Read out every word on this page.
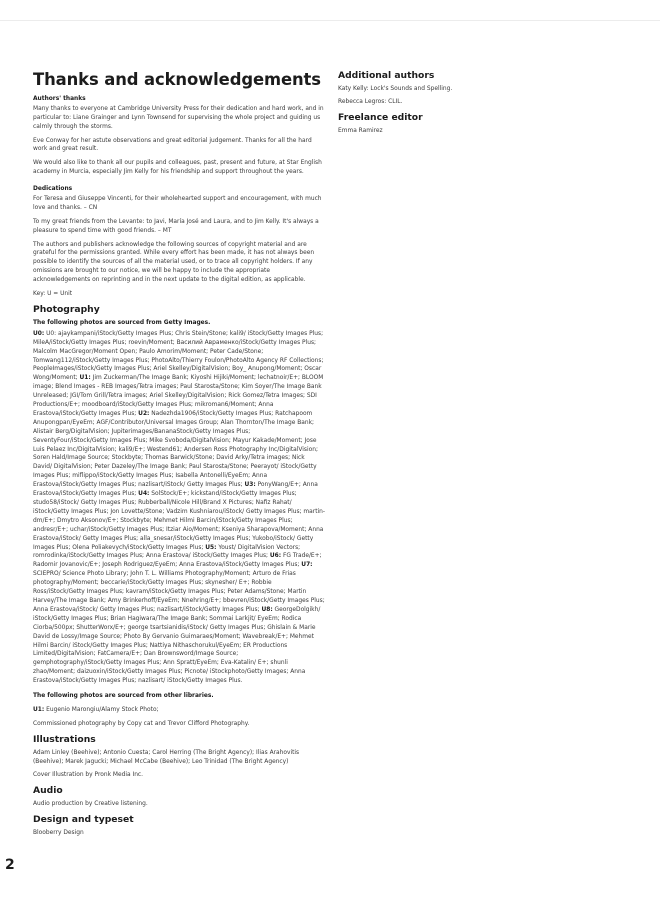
Thanks and acknowledgements
Authors' thanks

Many thanks to everyone at Cambridge University Press for their dedication and hard work, and in particular to: Liane Grainger and Lynn Townsend for supervising the whole project and guiding us calmly through the storms.

Eve Conway for her astute observations and great editorial judgement. Thanks for all the hard work and great result.

We would also like to thank all our pupils and colleagues, past, present and future, at Star English academy in Murcia, especially Jim Kelly for his friendship and support throughout the years.

Dedications

For Teresa and Giuseppe Vincenti, for their wholehearted support and encouragement, with much love and thanks. – CN

To my great friends from the Levante: to Javi, María José and Laura, and to Jim Kelly. It's always a pleasure to spend time with good friends. – MT

The authors and publishers acknowledge the following sources of copyright material and are grateful for the permissions granted. While every effort has been made, it has not always been possible to identify the sources of all the material used, or to trace all copyright holders. If any omissions are brought to our notice, we will be happy to include the appropriate acknowledgements on reprinting and in the next update to the digital edition, as applicable.

Key: U = Unit

Photography
The following photos are sourced from Getty Images.

U0: U0: ajaykampani/iStock/Getty Images Plus; Chris Stein/Stone; kali9/ iStock/Getty Images Plus; MileA/iStock/Getty Images Plus; roevin/Moment; Василий Авраменко/iStock/Getty Images Plus; Malcolm MacGregor/Moment Open; Paulo Amorim/Moment; Peter Cade/Stone; Tomwang112/iStock/Getty Images Plus; PhotoAlto/Thierry Foulon/PhotoAlto Agency RF Collections; PeopleImages/iStock/Getty Images Plus; Ariel Skelley/DigitalVision; Boy_ Anupong/Moment; Oscar Wong/Moment; U1: Jim Zuckerman/The Image Bank; Kiyoshi Hijiki/Moment; lechatnoir/E+; BLOOM image; Blend Images - REB Images/Tetra images; Paul Starosta/Stone; Kim Soyer/The Image Bank Unreleased; JGI/Tom Grill/Tetra images; Ariel Skelley/DigitalVision; Rick Gomez/Tetra Images; SDI Productions/E+; moodboard/iStock/Getty Images Plus; mikroman6/Moment; Anna Erastova/iStock/Getty Images Plus; U2: Nadezhda1906/iStock/Getty Images Plus; Ratchapoom Anupongpan/EyeEm; AGF/Contributor/Universal Images Group; Alan Thornton/The Image Bank; Alistair Berg/DigitalVision; Jupiterimages/BananaStock/Getty Images Plus; SeventyFour/iStock/Getty Images Plus; Mike Svoboda/DigitalVision; Mayur Kakade/Moment; Jose Luis Pelaez Inc/DigitalVision; kali9/E+; Westend61; Andersen Ross Photography Inc/DigitalVision; Soren Hald/Image Source; Stockbyte; Thomas Barwick/Stone; David Arky/Tetra images; Nick David/ DigitalVision; Peter Dazeley/The Image Bank; Paul Starosta/Stone; Peerayot/ iStock/Getty Images Plus; miflippo/iStock/Getty Images Plus; Isabella Antonelli/EyeEm; Anna Erastova/iStock/Getty Images Plus; nazlisart/iStock/ Getty Images Plus; U3: PonyWang/E+; Anna Erastova/iStock/Getty Images Plus; U4: SolStock/E+; kickstand/iStock/Getty Images Plus; studo58/iStock/ Getty Images Plus; Rubberball/Nicole Hill/Brand X Pictures; Nafiz Rahat/ iStock/Getty Images Plus; Jon Lovette/Stone; Vadzim Kushniarou/iStock/ Getty Images Plus; martin-dm/E+; Dmytro Aksonov/E+; Stockbyte; Mehmet Hilmi Barcin/iStock/Getty Images Plus; andresr/E+; uchar/iStock/Getty Images Plus; Itziar Aio/Moment; Kseniya Sharapova/Moment; Anna Erastova/iStock/ Getty Images Plus; alla_snesar/iStock/Getty Images Plus; Yukobo/iStock/ Getty Images Plus; Olena Poliakevych/iStock/Getty Images Plus; U5: Youst/ DigitalVision Vectors; romrodinka/iStock/Getty Images Plus; Anna Erastova/ iStock/Getty Images Plus; U6: FG Trade/E+; Radomir Jovanovic/E+; Joseph Rodriguez/EyeEm; Anna Erastova/iStock/Getty Images Plus; U7: SCIEPRO/ Science Photo Library; John T. L. Williams Photography/Moment; Arturo de Frias photography/Moment; beccarie/iStock/Getty Images Plus; skynesher/ E+; Robbie Ross/iStock/Getty Images Plus; kavram/iStock/Getty Images Plus; Peter Adams/Stone; Martin Harvey/The Image Bank; Amy Brinkerhoff/EyeEm; Nnehring/E+; bbevren/iStock/Getty Images Plus; Anna Erastova/iStock/ Getty Images Plus; nazlisart/iStock/Getty Images Plus; U8: GeorgeDolgikh/ iStock/Getty Images Plus; Brian Hagiwara/The Image Bank; Sommai Larkjit/ EyeEm; Rodica Ciorba/500px; ShutterWorx/E+; george tsartsianidis/iStock/ Getty Images Plus; Ghislain & Marie David de Lossy/Image Source; Photo By Gervanio Guimaraes/Moment; Wavebreak/E+; Mehmet Hilmi Barcin/ iStock/Getty Images Plus; Nattiya Nithaschorukul/EyeEm; ER Productions Limited/DigitalVision; FatCamera/E+; Dan Brownsword/Image Source; gemphotography/iStock/Getty Images Plus; Ann Spratt/EyeEm; Eva-Katalin/ E+; shunli zhao/Moment; daizuoxin/iStock/Getty Images Plus; Picnote/ iStockphoto/Getty Images; Anna Erastova/iStock/Getty Images Plus; nazlisart/ iStock/Getty Images Plus.

The following photos are sourced from other libraries.

U1: Eugenio Marongiu/Alamy Stock Photo;

Commissioned photography by Copy cat and Trevor Clifford Photography.

Illustrations

Adam Linley (Beehive); Antonio Cuesta; Carol Herring (The Bright Agency); Ilias Arahovitis (Beehive); Marek Jagucki; Michael McCabe (Beehive); Leo Trinidad (The Bright Agency)

Cover Illustration by Pronk Media Inc.

Audio

Audio production by Creative listening.

Design and typeset

Blooberry Design

Additional authors

Katy Kelly: Lock's Sounds and Spelling.

Rebecca Legros: CLIL.

Freelance editor

Emma Ramirez

2
